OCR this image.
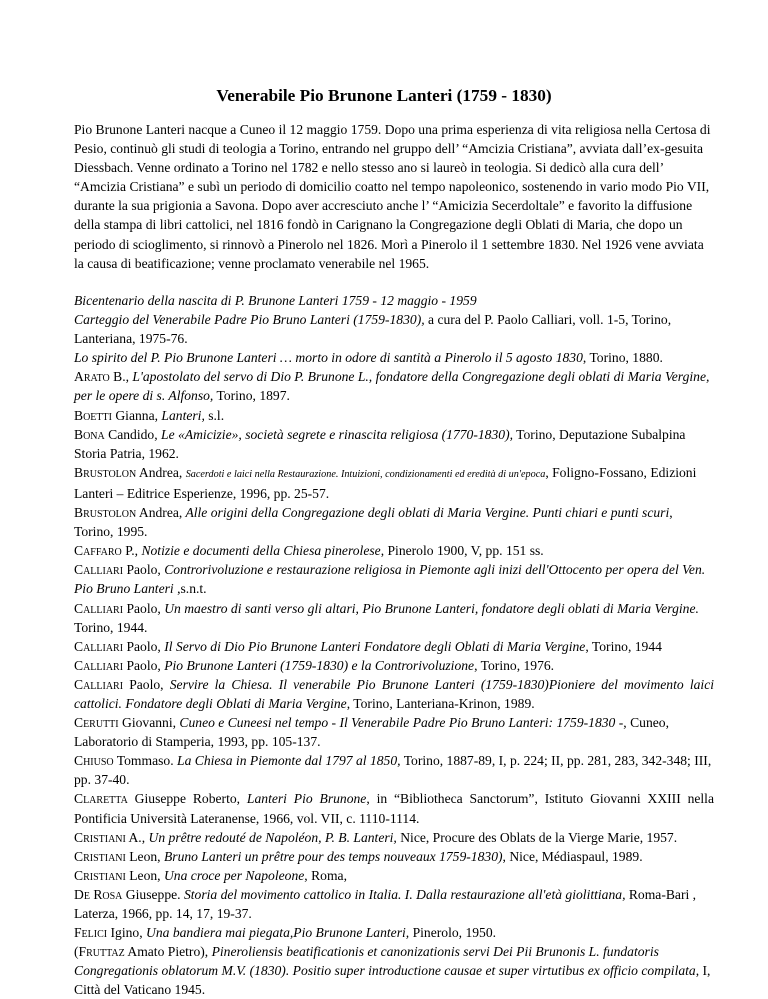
Venerabile Pio Brunone Lanteri (1759 - 1830)

Pio Brunone Lanteri nacque a Cuneo il 12 maggio 1759. Dopo una prima esperienza di vita religiosa nella Certosa di Pesio, continuò gli studi di teologia a Torino, entrando nel gruppo dell’ “Amcizia Cristiana”, avviata dall’ex-gesuita Diessbach. Venne ordinato a Torino nel 1782 e nello stesso ano si laureò in teologia. Si dedicò alla cura dell’ “Amcizia Cristiana” e subì un periodo di domicilio coatto nel tempo napoleonico, sostenendo in vario modo Pio VII, durante la sua prigionia a Savona. Dopo aver accresciuto anche l’ “Amicizia Secerdoltale” e favorito la diffusione della stampa di libri cattolici, nel 1816 fondò in Carignano la Congregazione degli Oblati di Maria, che dopo un periodo di scioglimento, si rinnovò a Pinerolo nel 1826. Morì a Pinerolo il 1 settembre 1830. Nel 1926 vene avviata la causa di beatificazione; venne proclamato venerabile nel 1965.

Bicentenario della nascita di P. Brunone Lanteri 1759 - 12 maggio - 1959

Carteggio del Venerabile Padre Pio Bruno Lanteri (1759-1830), a cura del P. Paolo Calliari, voll. 1-5, Torino, Lanteriana, 1975-76.

Lo spirito del P. Pio Brunone Lanteri … morto in odore di santità a Pinerolo il 5 agosto 1830, Torino, 1880.

Arato B., L'apostolato del servo di Dio P. Brunone L., fondatore della Congregazione degli oblati di Maria Vergine, per le opere di s. Alfonso, Torino, 1897.

Boetti Gianna, Lanteri, s.l.

Bona Candido, Le «Amicizie», società segrete e rinascita religiosa (1770-1830), Torino, Deputazione Subalpina Storia Patria, 1962.

Brustolon Andrea, Sacerdoti e laici nella Restaurazione. Intuizioni, condizionamenti ed eredità di un'epoca, Foligno-Fossano, Edizioni Lanteri – Editrice Esperienze, 1996, pp. 25-57.

Brustolon Andrea, Alle origini della Congregazione degli oblati di Maria Vergine. Punti chiari e punti scuri, Torino, 1995.

Caffaro P., Notizie e documenti della Chiesa pinerolese, Pinerolo 1900, V, pp. 151 ss.

Calliari Paolo, Controrivoluzione e restaurazione religiosa in Piemonte agli inizi dell'Ottocento per opera del Ven. Pio Bruno Lanteri ,s.n.t.

Calliari Paolo, Un maestro di santi verso gli altari, Pio Brunone Lanteri, fondatore degli oblati di Maria Vergine. Torino, 1944.

Calliari Paolo, Il Servo di Dio Pio Brunone Lanteri Fondatore degli Oblati di Maria Vergine, Torino, 1944

Calliari Paolo, Pio Brunone Lanteri (1759-1830) e la Controrivoluzione, Torino, 1976.

Calliari Paolo, Servire la Chiesa. Il venerabile Pio Brunone Lanteri (1759-1830)Pioniere del movimento laici cattolici. Fondatore degli Oblati di Maria Vergine, Torino, Lanteriana-Krinon, 1989.

Cerutti Giovanni, Cuneo e Cuneesi nel tempo - Il Venerabile Padre Pio Bruno Lanteri: 1759-1830 -, Cuneo, Laboratorio di Stamperia, 1993, pp. 105-137.

Chiuso Tommaso. La Chiesa in Piemonte dal 1797 al 1850, Torino, 1887-89, I, p. 224; II, pp. 281, 283, 342-348; III, pp. 37-40.

Claretta Giuseppe Roberto, Lanteri Pio Brunone, in “Bibliotheca Sanctorum”, Istituto Giovanni XXIII nella Pontificia Università Lateranense, 1966, vol. VII, c. 1110-1114.

Cristiani A., Un prêtre redouté de Napoléon, P. B. Lanteri, Nice, Procure des Oblats de la Vierge Marie, 1957.

Cristiani Leon, Bruno Lanteri un prêtre pour des temps nouveaux 1759-1830), Nice, Médiaspaul, 1989.

Cristiani Leon, Una croce per Napoleone, Roma,

De Rosa Giuseppe. Storia del movimento cattolico in Italia. I. Dalla restaurazione all'età giolittiana, Roma-Bari , Laterza, 1966, pp. 14, 17, 19-37.

Felici Igino, Una bandiera mai piegata,Pio Brunone Lanteri, Pinerolo, 1950.

(Fruttaz Amato Pietro), Pineroliensis beatificationis et canonizationis servi Dei Pii Brunonis L. fundatoris Congregationis oblatorum M.V. (1830). Positio super introductione causae et super virtutibus ex officio compilata, I, Città del Vaticano 1945.
